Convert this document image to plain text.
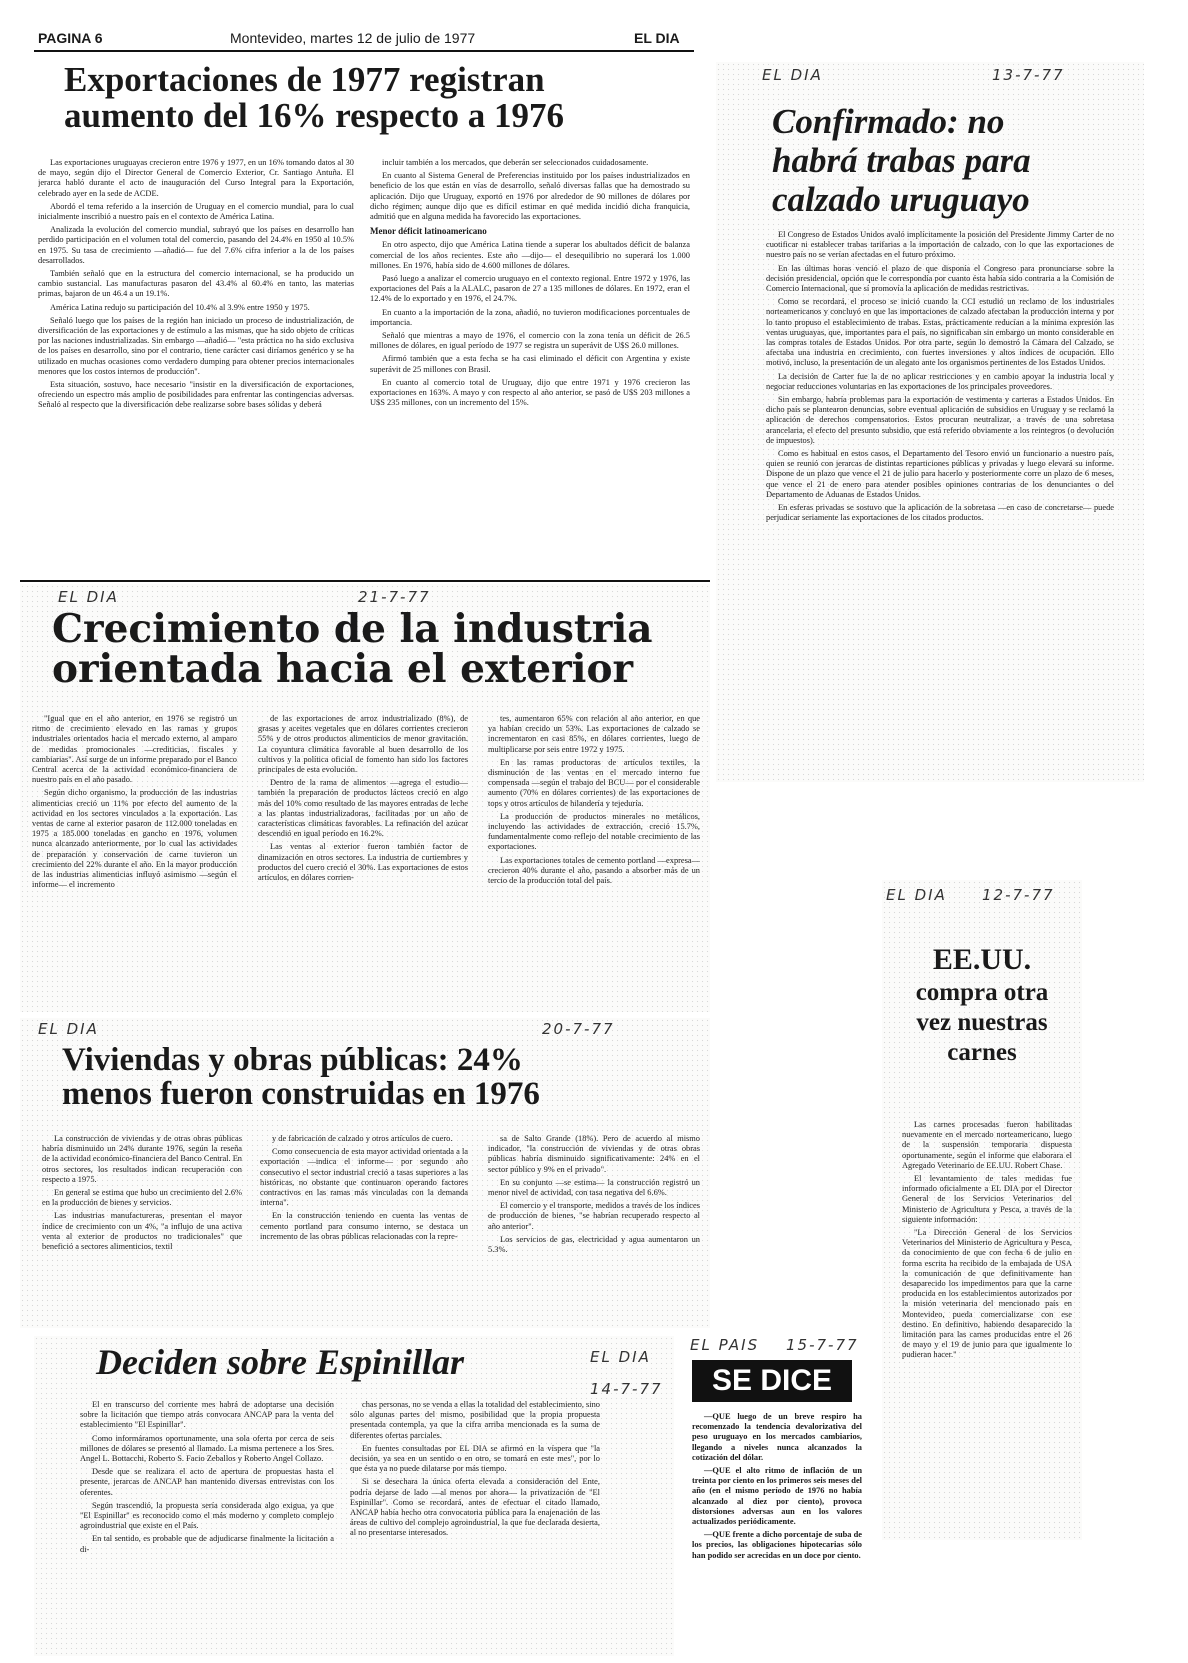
PAGINA 6	Montevideo, martes 12 de julio de 1977	EL DIA
Exportaciones de 1977 registran
aumento del 16% respecto a 1976

Las exportaciones uruguayas crecieron entre 1976 y 1977, en un 16% tomando datos al 30 de mayo, según dijo el Director General de Comercio Exterior, Cr. Santiago Antuña. El jerarca habló durante el acto de inauguración del Curso Integral para la Exportación, celebrado ayer en la sede de ACDE.

Abordó el tema referido a la inserción de Uruguay en el comercio mundial, para lo cual inicialmente inscribió a nuestro país en el contexto de América Latina.

Analizada la evolución del comercio mundial, subrayó que los países en desarrollo han perdido participación en el volumen total del comercio, pasando del 24.4% en 1950 al 10.5% en 1975. Su tasa de crecimiento —añadió— fue del 7.6% cifra inferior a la de los países desarrollados.

También señaló que en la estructura del comercio internacional, se ha producido un cambio sustancial. Las manufacturas pasaron del 43.4% al 60.4% en tanto, las materias primas, bajaron de un 46.4 a un 19.1%.

América Latina redujo su participación del 10.4% al 3.9% entre 1950 y 1975.

Señaló luego que los países de la región han iniciado un proceso de industrialización, de diversificación de las exportaciones y de estímulo a las mismas, que ha sido objeto de críticas por las naciones industrializadas. Sin embargo —añadió— "esta práctica no ha sido exclusiva de los países en desarrollo, sino por el contrario, tiene carácter casi diríamos genérico y se ha utilizado en muchas ocasiones como verdadero dumping para obtener precios internacionales menores que los costos internos de producción".

Esta situación, sostuvo, hace necesario "insistir en la diversificación de exportaciones, ofreciendo un espectro más amplio de posibilidades para enfrentar las contingencias adversas. Señaló al respecto que la diversificación debe realizarse sobre bases sólidas y deberá

incluir también a los mercados, que deberán ser seleccionados cuidadosamente.

En cuanto al Sistema General de Preferencias instituido por los países industrializados en beneficio de los que están en vías de desarrollo, señaló diversas fallas que ha demostrado su aplicación. Dijo que Uruguay, exportó en 1976 por alrededor de 90 millones de dólares por dicho régimen; aunque dijo que es difícil estimar en qué medida incidió dicha franquicia, admitió que en alguna medida ha favorecido las exportaciones.

Menor déficit latinoamericano

En otro aspecto, dijo que América Latina tiende a superar los abultados déficit de balanza comercial de los años recientes. Este año —dijo— el desequilibrio no superará los 1.000 millones. En 1976, había sido de 4.600 millones de dólares.

Pasó luego a analizar el comercio uruguayo en el contexto regional. Entre 1972 y 1976, las exportaciones del País a la ALALC, pasaron de 27 a 135 millones de dólares. En 1972, eran el 12.4% de lo exportado y en 1976, el 24.7%.

En cuanto a la importación de la zona, añadió, no tuvieron modificaciones porcentuales de importancia.

Señaló que mientras a mayo de 1976, el comercio con la zona tenía un déficit de 26.5 millones de dólares, en igual período de 1977 se registra un superávit de U$S 26.0 millones.

Afirmó también que a esta fecha se ha casi eliminado el déficit con Argentina y existe superávit de 25 millones con Brasil.

En cuanto al comercio total de Uruguay, dijo que entre 1971 y 1976 crecieron las exportaciones en 163%. A mayo y con respecto al año anterior, se pasó de U$S 203 millones a U$S 235 millones, con un incremento del 15%.

EL DIA	21-7-77
Crecimiento de la industria
orientada hacia el exterior

"Igual que en el año anterior, en 1976 se registró un ritmo de crecimiento elevado en las ramas y grupos industriales orientados hacia el mercado externo, al amparo de medidas promocionales —crediticias, fiscales y cambiarias". Así surge de un informe preparado por el Banco Central acerca de la actividad económico-financiera de nuestro país en el año pasado.

Según dicho organismo, la producción de las industrias alimenticias creció un 11% por efecto del aumento de la actividad en los sectores vinculados a la exportación. Las ventas de carne al exterior pasaron de 112.000 toneladas en 1975 a 185.000 toneladas en gancho en 1976, volumen nunca alcanzado anteriormente, por lo cual las actividades de preparación y conservación de carne tuvieron un crecimiento del 22% durante el año. En la mayor producción de las industrias alimenticias influyó asimismo —según el informe— el incremento

de las exportaciones de arroz industrializado (8%), de grasas y aceites vegetales que en dólares corrientes crecieron 55% y de otros productos alimenticios de menor gravitación. La coyuntura climática favorable al buen desarrollo de los cultivos y la política oficial de fomento han sido los factores principales de esta evolución.

Dentro de la rama de alimentos —agrega el estudio— también la preparación de productos lácteos creció en algo más del 10% como resultado de las mayores entradas de leche a las plantas industrializadoras, facilitadas por un año de características climáticas favorables. La refinación del azúcar descendió en igual período en 16.2%.

Las ventas al exterior fueron también factor de dinamización en otros sectores. La industria de curtiembres y productos del cuero creció el 30%. Las exportaciones de estos artículos, en dólares corrien-

tes, aumentaron 65% con relación al año anterior, en que ya habían crecido un 53%. Las exportaciones de calzado se incrementaron en casi 85%, en dólares corrientes, luego de multiplicarse por seis entre 1972 y 1975.

En las ramas productoras de artículos textiles, la disminución de las ventas en el mercado interno fue compensada —según el trabajo del BCU— por el considerable aumento (70% en dólares corrientes) de las exportaciones de tops y otros artículos de hilandería y tejeduría.

La producción de productos minerales no metálicos, incluyendo las actividades de extracción, creció 15.7%, fundamentalmente como reflejo del notable crecimiento de las exportaciones.

Las exportaciones totales de cemento portland —expresa— crecieron 40% durante el año, pasando a absorber más de un tercio de la producción total del país.

EL DIA	13-7-77
Confirmado: no
habrá trabas para
calzado uruguayo

El Congreso de Estados Unidos avaló implícitamente la posición del Presidente Jimmy Carter de no cuotificar ni establecer trabas tarifarias a la importación de calzado, con lo que las exportaciones de nuestro país no se verían afectadas en el futuro próximo.

En las últimas horas venció el plazo de que disponía el Congreso para pronunciarse sobre la decisión presidencial, opción que le correspondía por cuanto ésta había sido contraria a la Comisión de Comercio Internacional, que sí promovía la aplicación de medidas restrictivas.

Como se recordará, el proceso se inició cuando la CCI estudió un reclamo de los industriales norteamericanos y concluyó en que las importaciones de calzado afectaban la producción interna y por lo tanto propuso el establecimiento de trabas. Estas, prácticamente reducían a la mínima expresión las ventas uruguayas, que, importantes para el país, no significaban sin embargo un monto considerable en las compras totales de Estados Unidos. Por otra parte, según lo demostró la Cámara del Calzado, se afectaba una industria en crecimiento, con fuertes inversiones y altos índices de ocupación. Ello motivó, incluso, la presentación de un alegato ante los organismos pertinentes de los Estados Unidos.

La decisión de Carter fue la de no aplicar restricciones y en cambio apoyar la industria local y negociar reducciones voluntarias en las exportaciones de los principales proveedores.

Sin embargo, habría problemas para la exportación de vestimenta y carteras a Estados Unidos. En dicho país se plantearon denuncias, sobre eventual aplicación de subsidios en Uruguay y se reclamó la aplicación de derechos compensatorios. Estos procuran neutralizar, a través de una sobretasa arancelaria, el efecto del presunto subsidio, que está referido obviamente a los reintegros (o devolución de impuestos).

Como es habitual en estos casos, el Departamento del Tesoro envió un funcionario a nuestro país, quien se reunió con jerarcas de distintas reparticiones públicas y privadas y luego elevará su informe. Dispone de un plazo que vence el 21 de julio para hacerlo y posteriormente corre un plazo de 6 meses, que vence el 21 de enero para atender posibles opiniones contrarias de los denunciantes o del Departamento de Aduanas de Estados Unidos.

En esferas privadas se sostuvo que la aplicación de la sobretasa —en caso de concretarse— puede perjudicar seriamente las exportaciones de los citados productos.

EL DIA	20-7-77
Viviendas y obras públicas: 24%
menos fueron construidas en 1976

La construcción de viviendas y de otras obras públicas habría disminuido un 24% durante 1976, según la reseña de la actividad económico-financiera del Banco Central. En otros sectores, los resultados indican recuperación con respecto a 1975.

En general se estima que hubo un crecimiento del 2.6% en la producción de bienes y servicios.

Las industrias manufactureras, presentan el mayor índice de crecimiento con un 4%, "a influjo de una activa venta al exterior de productos no tradicionales" que benefició a sectores alimenticios, textil

y de fabricación de calzado y otros artículos de cuero.

Como consecuencia de esta mayor actividad orientada a la exportación —indica el informe— por segundo año consecutivo el sector industrial creció a tasas superiores a las históricas, no obstante que continuaron operando factores contractivos en las ramas más vinculadas con la demanda interna".

En la construcción teniendo en cuenta las ventas de cemento portland para consumo interno, se destaca un incremento de las obras públicas relacionadas con la repre-

sa de Salto Grande (18%). Pero de acuerdo al mismo indicador, "la construcción de viviendas y de otras obras públicas habría disminuido significativamente: 24% en el sector público y 9% en el privado".

En su conjunto —se estima— la construcción registró un menor nivel de actividad, con tasa negativa del 6.6%.

El comercio y el transporte, medidos a través de los índices de producción de bienes, "se habrían recuperado respecto al año anterior".

Los servicios de gas, electricidad y agua aumentaron un 5.3%.

EL DIA 12-7-77
EE.UU.
compra otra
vez nuestras
carnes

Las carnes procesadas fueron habilitadas nuevamente en el mercado norteamericano, luego de la suspensión temporaria dispuesta oportunamente, según el informe que elaborara el Agregado Veterinario de EE.UU. Robert Chase.

El levantamiento de tales medidas fue informado oficialmente a EL DIA por el Director General de los Servicios Veterinarios del Ministerio de Agricultura y Pesca, a través de la siguiente información:

"La Dirección General de los Servicios Veterinarios del Ministerio de Agricultura y Pesca, da conocimiento de que con fecha 6 de julio en forma escrita ha recibido de la embajada de USA la comunicación de que definitivamente han desaparecido los impedimentos para que la carne producida en los establecimientos autorizados por la misión veterinaria del mencionado país en Montevideo, pueda comercializarse con ese destino. En definitivo, habiendo desaparecido la limitación para las carnes producidas entre el 26 de mayo y el 19 de junio para que igualmente lo pudieran hacer."

Deciden sobre Espinillar	EL DIA
14-7-77

El en transcurso del corriente mes habrá de adoptarse una decisión sobre la licitación que tiempo atrás convocara ANCAP para la venta del establecimiento "El Espinillar".

Como informáramos oportunamente, una sola oferta por cerca de seis millones de dólares se presentó al llamado. La misma pertenece a los Sres. Angel L. Bottacchi, Roberto S. Facio Zeballos y Roberto Angel Collazo.

Desde que se realizara el acto de apertura de propuestas hasta el presente, jerarcas de ANCAP han mantenido diversas entrevistas con los oferentes.

Según trascendió, la propuesta sería considerada algo exigua, ya que "El Espinillar" es reconocido como el más moderno y completo complejo agroindustrial que existe en el País.

En tal sentido, es probable que de adjudicarse finalmente la licitación a di-

chas personas, no se venda a ellas la totalidad del establecimiento, sino sólo algunas partes del mismo, posibilidad que la propia propuesta presentada contempla, ya que la cifra arriba mencionada es la suma de diferentes ofertas parciales.

En fuentes consultadas por EL DIA se afirmó en la víspera que "la decisión, ya sea en un sentido o en otro, se tomará en este mes", por lo que ésta ya no puede dilatarse por más tiempo.

Si se desechara la única oferta elevada a consideración del Ente, podría dejarse de lado —al menos por ahora— la privatización de "El Espinillar". Como se recordará, antes de efectuar el citado llamado, ANCAP había hecho otra convocatoria pública para la enajenación de las áreas de cultivo del complejo agroindustrial, la que fue declarada desierta, al no presentarse interesados.

EL PAIS 15-7-77
SE DICE

—QUE luego de un breve respiro ha recomenzado la tendencia devalorizativa del peso uruguayo en los mercados cambiarios, llegando a niveles nunca alcanzados la cotización del dólar.

—QUE el alto ritmo de inflación de un treinta por ciento en los primeros seis meses del año (en el mismo período de 1976 no había alcanzado al diez por ciento), provoca distorsiones adversas aun en los valores actualizados periódicamente.

—QUE frente a dicho porcentaje de suba de los precios, las obligaciones hipotecarias sólo han podido ser acrecidas en un doce por ciento.
